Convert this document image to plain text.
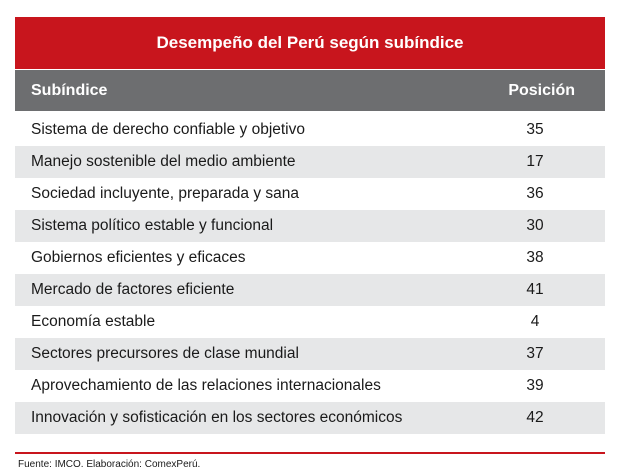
Desempeño del Perú según subíndice
Subíndice	Posición
Sistema de derecho confiable y objetivo	35
Manejo sostenible del medio ambiente	17
Sociedad incluyente, preparada y sana	36
Sistema político estable y funcional	30
Gobiernos eficientes y eficaces	38
Mercado de factores eficiente	41
Economía estable	4
Sectores precursores de clase mundial	37
Aprovechamiento de las relaciones internacionales	39
Innovación y sofisticación en los sectores económicos	42
Fuente: IMCO. Elaboración: ComexPerú.
